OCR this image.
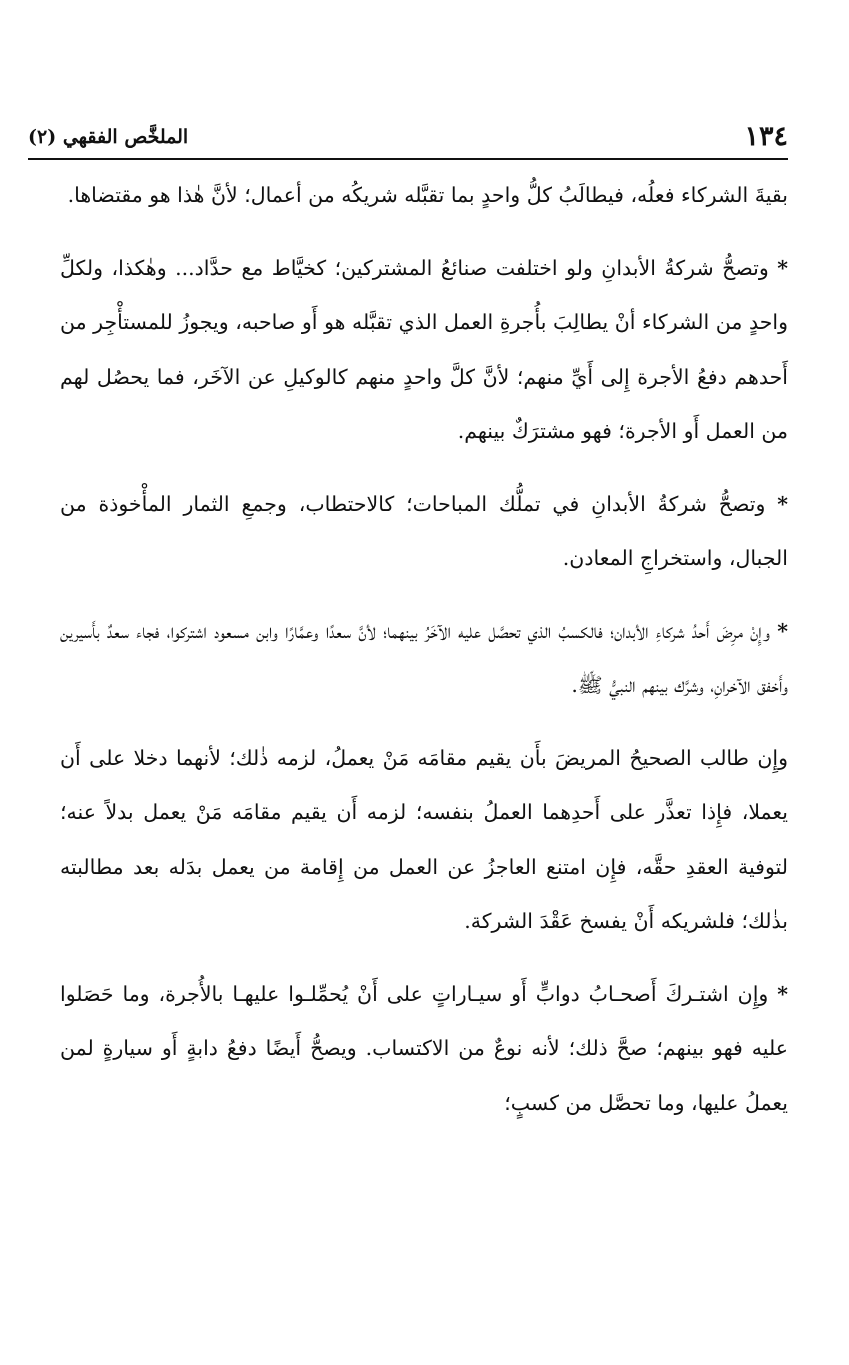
١٣٤
الملخَّص الفقهي (٢)

بقيةَ الشركاء فعلُه، فيطالَبُ كلُّ واحدٍ بما تقبَّله شريكُه من أعمال؛ لأنَّ هٰذا هو مقتضاها.

* وتصحُّ شركةُ الأبدانِ ولو اختلفت صنائعُ المشتركين؛ كخيَّاط مع حدَّاد... وهٰكذا، ولكلِّ واحدٍ من الشركاء أنْ يطالِبَ بأُجرةِ العمل الذي تقبَّله هو أَو صاحبه، ويجوزُ للمستأْجِر من أَحدهم دفعُ الأجرة إِلى أَيِّ منهم؛ لأنَّ كلَّ واحدٍ منهم كالوكيلِ عن الآخَر، فما يحصُل لهم من العمل أَو الأجرة؛ فهو مشترَكٌ بينهم.

* وتصحُّ شركةُ الأبدانِ في تملُّك المباحات؛ كالاحتطاب، وجمعِ الثمار المأْخوذة من الجبال، واستخراجِ المعادن.

* وإِنْ مرِضَ أَحدُ شركاءِ الأبدان؛ فالكسبُ الذي تحصَّل عليه الآخَرُ بينهما؛ لأنَّ سعدًا وعمَّارًا وابن مسعود اشتركوا، فجاء سعدٌ بأَسيرين وأَخفق الآخرانِ، وشرَّك بينهم النبيُّ ﷺ.

وإِن طالب الصحيحُ المريضَ بأَن يقيم مقامَه مَنْ يعملُ، لزمه ذٰلك؛ لأنهما دخلا على أَن يعملا، فإِذا تعذَّر على أَحدِهما العملُ بنفسه؛ لزمه أَن يقيم مقامَه مَنْ يعمل بدلاً عنه؛ لتوفية العقدِ حقَّه، فإِن امتنع العاجزُ عن العمل من إِقامة من يعمل بدَله بعد مطالبته بذٰلك؛ فلشريكه أَنْ يفسخ عَقْدَ الشركة.

* وإِن اشتـركَ أَصحـابُ دوابٍّ أَو سيـاراتٍ على أَنْ يُحمِّلـوا عليهـا بالأُجرة، وما حَصَلوا عليه فهو بينهم؛ صحَّ ذلك؛ لأنه نوعٌ من الاكتساب. ويصحُّ أَيضًا دفعُ دابةٍ أَو سيارةٍ لمن يعملُ عليها، وما تحصَّل من كسبٍ؛
